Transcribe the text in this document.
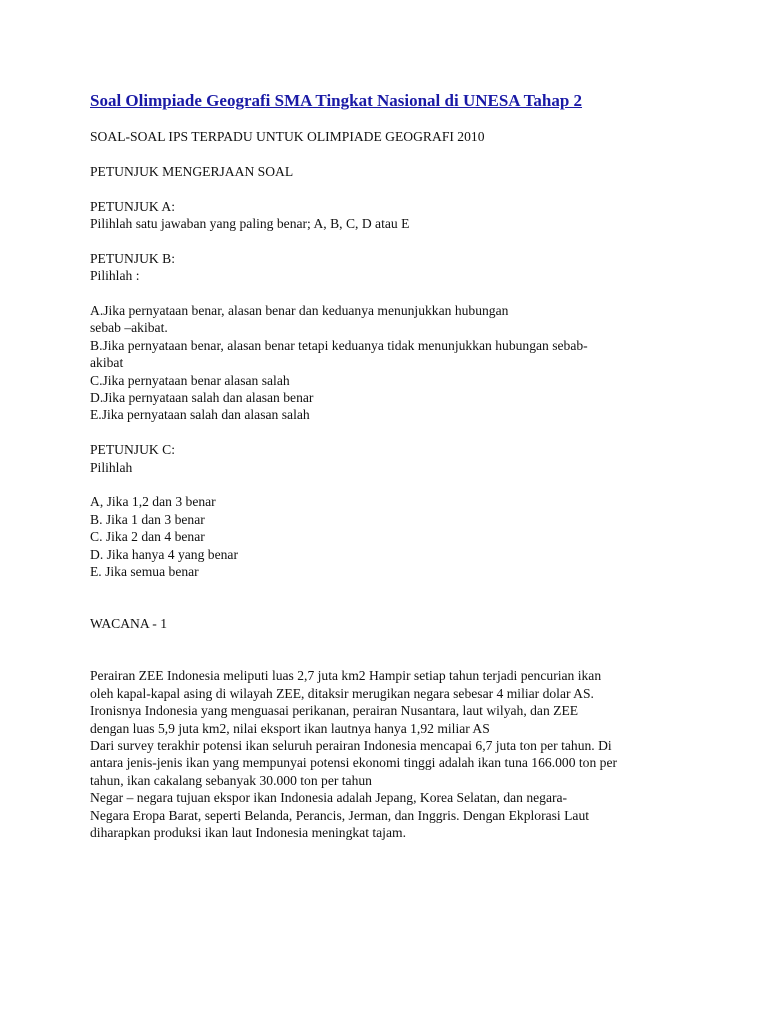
Soal Olimpiade Geografi SMA Tingkat Nasional di UNESA Tahap 2
SOAL-SOAL IPS TERPADU UNTUK OLIMPIADE GEOGRAFI 2010
PETUNJUK MENGERJAAN SOAL
PETUNJUK A:
Pilihlah satu jawaban yang paling benar; A, B, C, D atau E
PETUNJUK B:
Pilihlah :
A.Jika pernyataan benar, alasan benar dan keduanya menunjukkan hubungan
sebab –akibat.
B.Jika pernyataan benar, alasan benar tetapi keduanya tidak menunjukkan hubungan sebab-
akibat
C.Jika pernyataan benar alasan salah
D.Jika pernyataan salah dan alasan benar
E.Jika pernyataan salah dan alasan salah
PETUNJUK C:
Pilihlah
A, Jika 1,2 dan 3 benar
B. Jika 1 dan 3 benar
C. Jika 2 dan 4 benar
D. Jika hanya 4 yang benar
E. Jika semua benar
WACANA - 1
Perairan ZEE Indonesia meliputi luas 2,7 juta km2 Hampir setiap tahun terjadi pencurian ikan
oleh kapal-kapal asing di wilayah ZEE, ditaksir merugikan negara sebesar 4 miliar dolar AS.
Ironisnya Indonesia yang menguasai perikanan, perairan Nusantara, laut wilyah, dan ZEE
dengan luas 5,9 juta km2, nilai eksport ikan lautnya hanya 1,92 miliar AS
Dari survey terakhir potensi ikan seluruh perairan Indonesia mencapai 6,7 juta ton per tahun. Di
antara jenis-jenis ikan yang mempunyai potensi ekonomi tinggi adalah ikan tuna 166.000 ton per
tahun, ikan cakalang sebanyak 30.000 ton per tahun
Negar – negara tujuan ekspor ikan Indonesia adalah Jepang, Korea Selatan, dan negara-
Negara Eropa Barat, seperti Belanda, Perancis, Jerman, dan Inggris. Dengan Ekplorasi Laut
diharapkan produksi ikan laut Indonesia meningkat tajam.
